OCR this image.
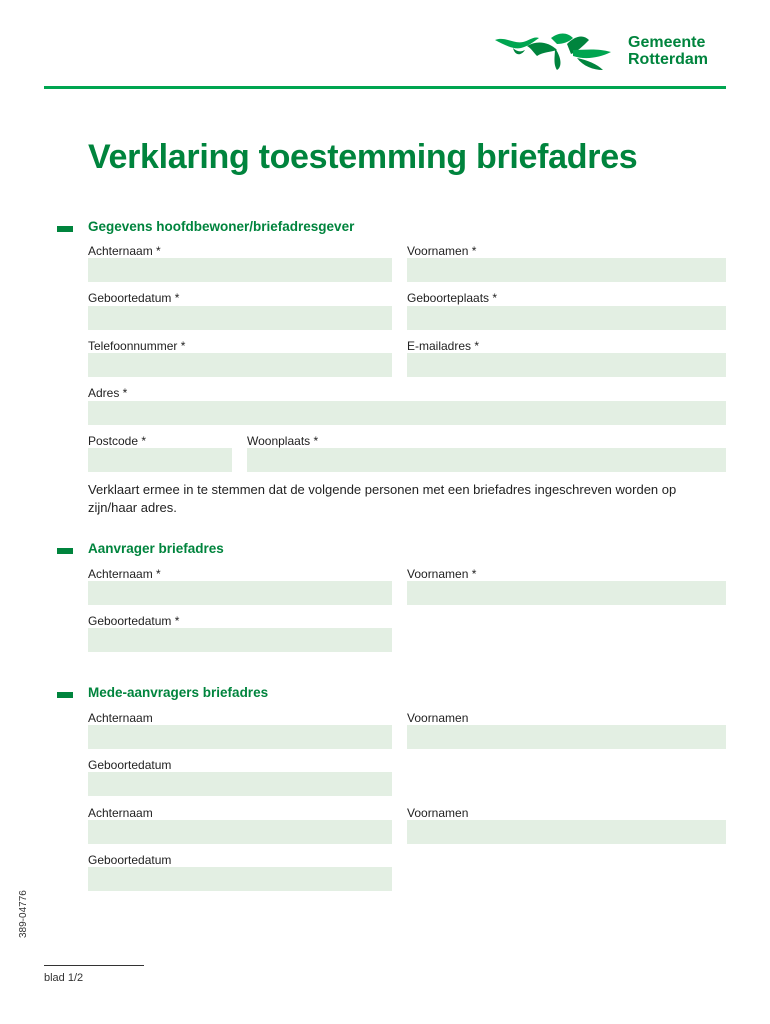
Gemeente
Rotterdam
Verklaring toestemming briefadres
Gegevens hoofdbewoner/briefadresgever
Achternaam *	Voornamen *
Geboortedatum *	Geboorteplaats *
Telefoonnummer *	E-mailadres *
Adres *
Postcode *	Woonplaats *
Verklaart ermee in te stemmen dat de volgende personen met een briefadres ingeschreven worden op zijn/haar adres.
Aanvrager briefadres
Achternaam *	Voornamen *
Geboortedatum *
Mede-aanvragers briefadres
Achternaam	Voornamen
Geboortedatum
Achternaam	Voornamen
Geboortedatum
389-04776
blad 1/2
